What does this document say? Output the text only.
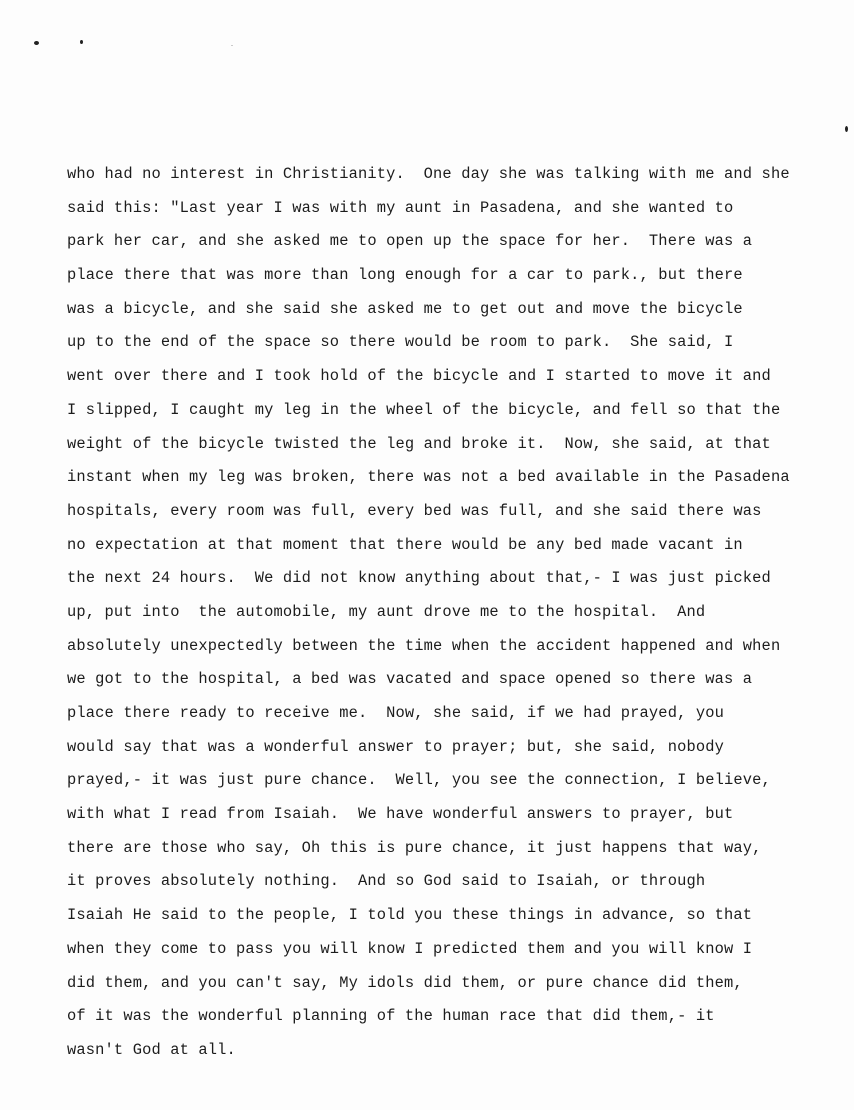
who had no interest in Christianity.  One day she was talking with me and she
said this: "Last year I was with my aunt in Pasadena, and she wanted to
park her car, and she asked me to open up the space for her.  There was a
place there that was more than long enough for a car to park., but there
was a bicycle, and she said she asked me to get out and move the bicycle
up to the end of the space so there would be room to park.  She said, I
went over there and I took hold of the bicycle and I started to move it and
I slipped, I caught my leg in the wheel of the bicycle, and fell so that the
weight of the bicycle twisted the leg and broke it.  Now, she said, at that
instant when my leg was broken, there was not a bed available in the Pasadena
hospitals, every room was full, every bed was full, and she said there was
no expectation at that moment that there would be any bed made vacant in
the next 24 hours.  We did not know anything about that,- I was just picked
up, put into  the automobile, my aunt drove me to the hospital.  And
absolutely unexpectedly between the time when the accident happened and when
we got to the hospital, a bed was vacated and space opened so there was a
place there ready to receive me.  Now, she said, if we had prayed, you
would say that was a wonderful answer to prayer; but, she said, nobody
prayed,- it was just pure chance.  Well, you see the connection, I believe,
with what I read from Isaiah.  We have wonderful answers to prayer, but
there are those who say, Oh this is pure chance, it just happens that way,
it proves absolutely nothing.  And so God said to Isaiah, or through
Isaiah He said to the people, I told you these things in advance, so that
when they come to pass you will know I predicted them and you will know I
did them, and you can't say, My idols did them, or pure chance did them,
of it was the wonderful planning of the human race that did them,- it
wasn't God at all.
